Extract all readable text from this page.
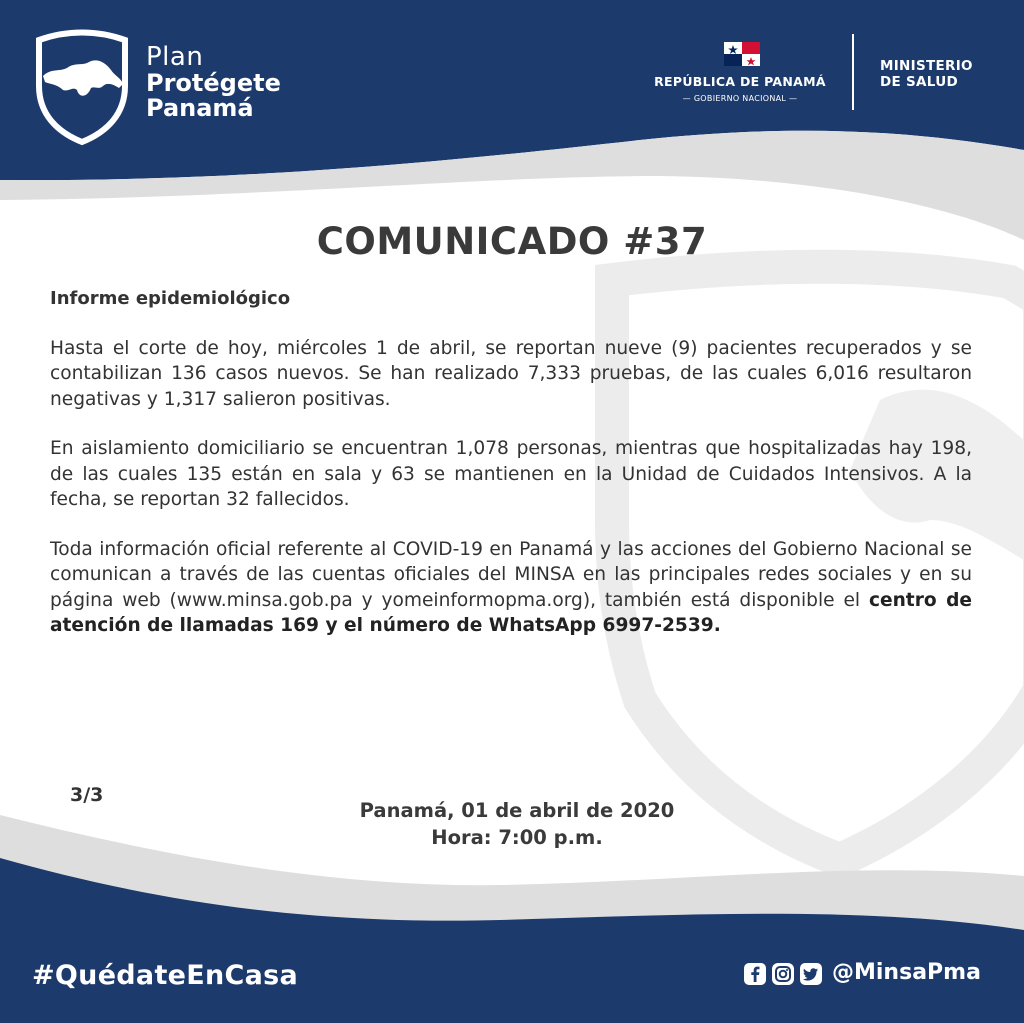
Plan
Protégete
Panamá
REPÚBLICA DE PANAMÁ
— GOBIERNO NACIONAL —
MINISTERIO
DE SALUD
COMUNICADO #37

Informe epidemiológico

Hasta el corte de hoy, miércoles 1 de abril, se reportan nueve (9) pacientes recuperados y se contabilizan 136 casos nuevos. Se han realizado 7,333 pruebas, de las cuales 6,016 resultaron negativas y 1,317 salieron positivas.

En aislamiento domiciliario se encuentran 1,078 personas, mientras que hospitalizadas hay 198, de las cuales 135 están en sala y 63 se mantienen en la Unidad de Cuidados Intensivos. A la fecha, se reportan 32 fallecidos.

Toda información oficial referente al COVID-19 en Panamá y las acciones del Gobierno Nacional se comunican a través de las cuentas oficiales del MINSA en las principales redes sociales y en su página web (www.minsa.gob.pa y yomeinformopma.org), también está disponible el centro de atención de llamadas 169 y el número de WhatsApp 6997-2539.

3/3
Panamá, 01 de abril de 2020
Hora: 7:00 p.m.
#QuédateEnCasa	@MinsaPma
